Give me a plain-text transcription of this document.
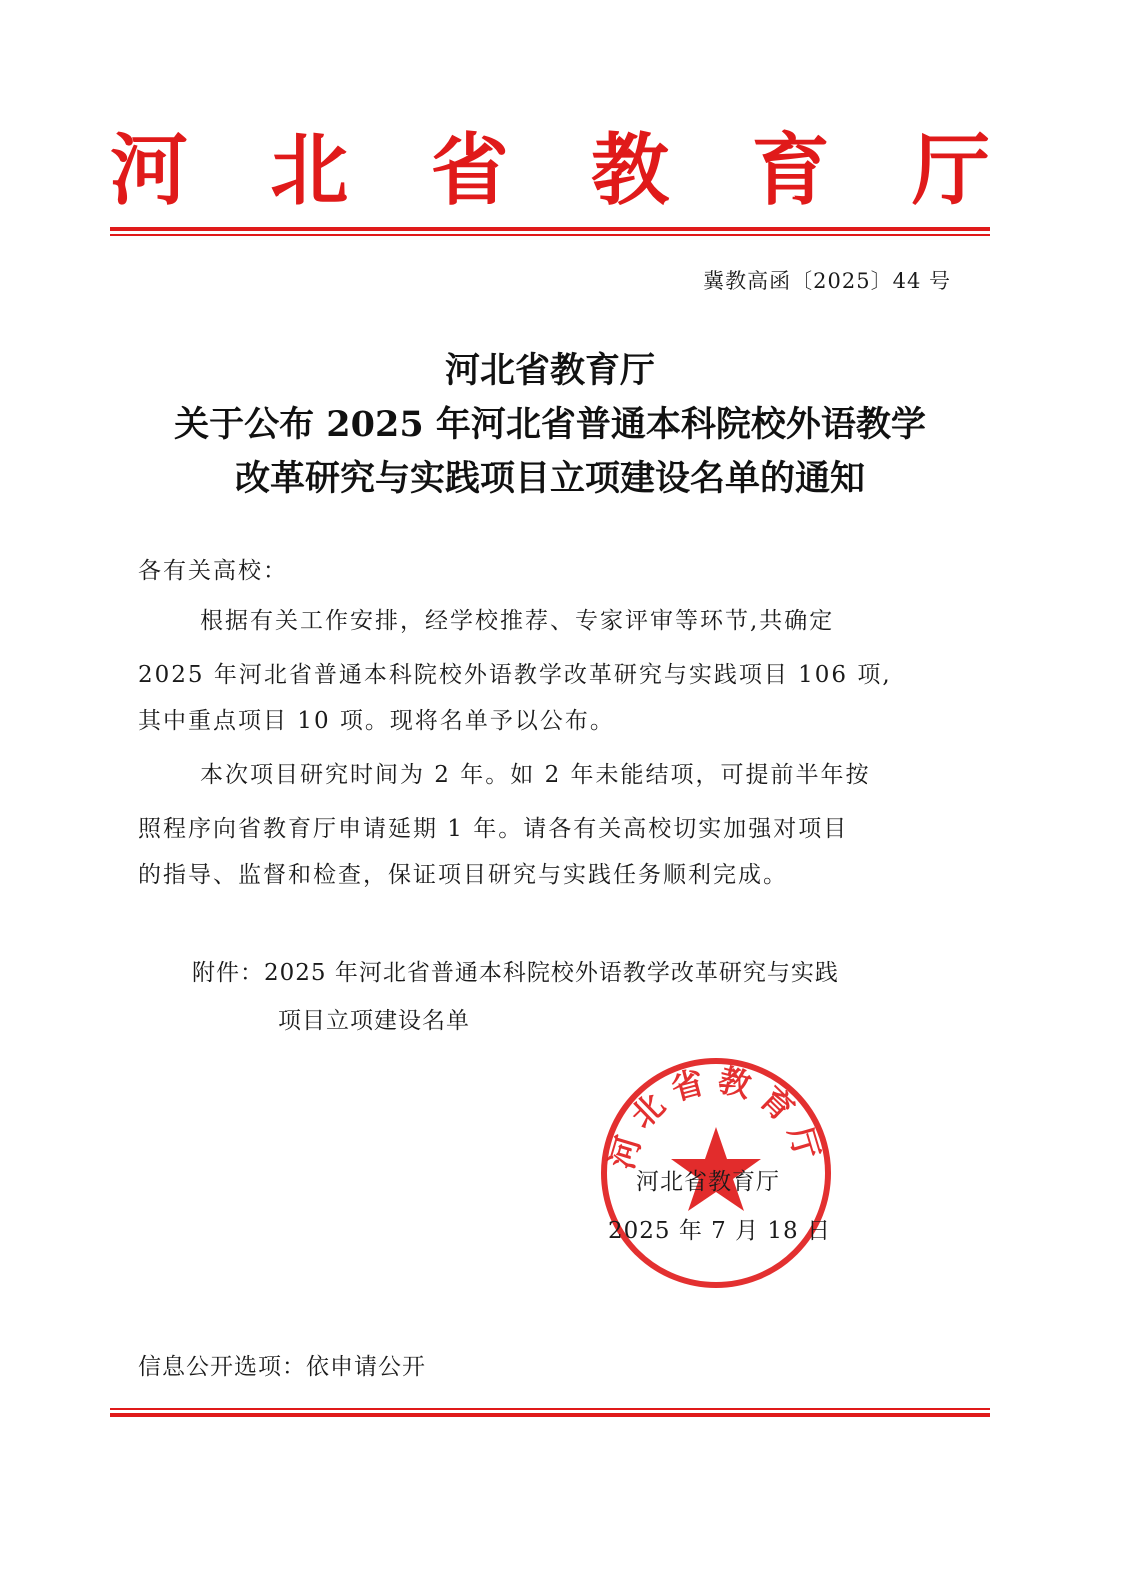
河 北 省 教 育 厅
冀教高函〔2025〕44 号
河北省教育厅
关于公布 2025 年河北省普通本科院校外语教学
改革研究与实践项目立项建设名单的通知
各有关高校：
根据有关工作安排，经学校推荐、专家评审等环节,共确定
2025 年河北省普通本科院校外语教学改革研究与实践项目 106 项,
其中重点项目 10 项。现将名单予以公布。
本次项目研究时间为 2 年。如 2 年未能结项，可提前半年按
照程序向省教育厅申请延期 1 年。请各有关高校切实加强对项目
的指导、监督和检查，保证项目研究与实践任务顺利完成。
附件：2025 年河北省普通本科院校外语教学改革研究与实践
项目立项建设名单
河北省教育厅
河北省教育厅
2025 年 7 月 18 日
信息公开选项：依申请公开
